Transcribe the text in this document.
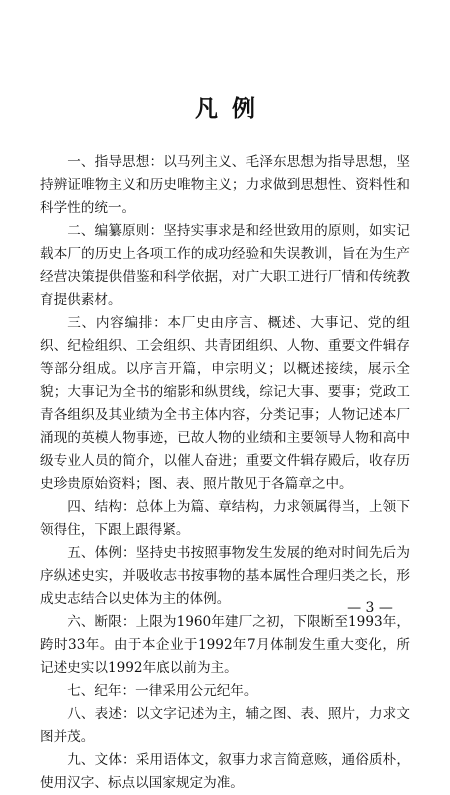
凡例

一、指导思想：以马列主义、毛泽东思想为指导思想，坚持辨证唯物主义和历史唯物主义；力求做到思想性、资料性和科学性的统一。

二、编纂原则：坚持实事求是和经世致用的原则，如实记载本厂的历史上各项工作的成功经验和失误教训，旨在为生产经营决策提供借鉴和科学依据，对广大职工进行厂情和传统教育提供素材。

三、内容编排：本厂史由序言、概述、大事记、党的组织、纪检组织、工会组织、共青团组织、人物、重要文件辑存等部分组成。以序言开篇，申宗明义；以概述接续，展示全貌；大事记为全书的缩影和纵贯线，综记大事、要事；党政工青各组织及其业绩为全书主体内容，分类记事；人物记述本厂涌现的英模人物事迹，已故人物的业绩和主要领导人物和高中级专业人员的简介，以催人奋进；重要文件辑存殿后，收存历史珍贵原始资料；图、表、照片散见于各篇章之中。

四、结构：总体上为篇、章结构，力求领属得当，上领下领得住，下跟上跟得紧。

五、体例：坚持史书按照事物发生发展的绝对时间先后为序纵述史实，并吸收志书按事物的基本属性合理归类之长，形成史志结合以史体为主的体例。

六、断限：上限为1960年建厂之初，下限断至1993年，跨时33年。由于本企业于1992年7月体制发生重大变化，所记述史实以1992年底以前为主。

七、纪年：一律采用公元纪年。

八、表述：以文字记述为主，辅之图、表、照片，力求文图并茂。

九、文体：采用语体文，叙事力求言简意赅，通俗质朴，使用汉字、标点以国家规定为准。

— 3 —
